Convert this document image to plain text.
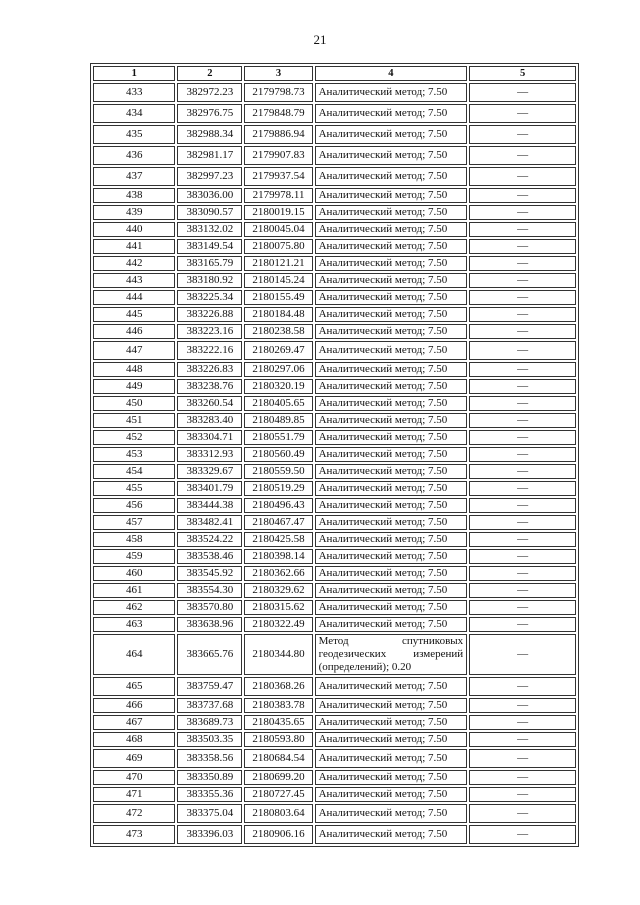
21
1	2	3	4	5
433	382972.23	2179798.73	Аналитический метод; 7.50	—
434	382976.75	2179848.79	Аналитический метод; 7.50	—
435	382988.34	2179886.94	Аналитический метод; 7.50	—
436	382981.17	2179907.83	Аналитический метод; 7.50	—
437	382997.23	2179937.54	Аналитический метод; 7.50	—
438	383036.00	2179978.11	Аналитический метод; 7.50	—
439	383090.57	2180019.15	Аналитический метод; 7.50	—
440	383132.02	2180045.04	Аналитический метод; 7.50	—
441	383149.54	2180075.80	Аналитический метод; 7.50	—
442	383165.79	2180121.21	Аналитический метод; 7.50	—
443	383180.92	2180145.24	Аналитический метод; 7.50	—
444	383225.34	2180155.49	Аналитический метод; 7.50	—
445	383226.88	2180184.48	Аналитический метод; 7.50	—
446	383223.16	2180238.58	Аналитический метод; 7.50	—
447	383222.16	2180269.47	Аналитический метод; 7.50	—
448	383226.83	2180297.06	Аналитический метод; 7.50	—
449	383238.76	2180320.19	Аналитический метод; 7.50	—
450	383260.54	2180405.65	Аналитический метод; 7.50	—
451	383283.40	2180489.85	Аналитический метод; 7.50	—
452	383304.71	2180551.79	Аналитический метод; 7.50	—
453	383312.93	2180560.49	Аналитический метод; 7.50	—
454	383329.67	2180559.50	Аналитический метод; 7.50	—
455	383401.79	2180519.29	Аналитический метод; 7.50	—
456	383444.38	2180496.43	Аналитический метод; 7.50	—
457	383482.41	2180467.47	Аналитический метод; 7.50	—
458	383524.22	2180425.58	Аналитический метод; 7.50	—
459	383538.46	2180398.14	Аналитический метод; 7.50	—
460	383545.92	2180362.66	Аналитический метод; 7.50	—
461	383554.30	2180329.62	Аналитический метод; 7.50	—
462	383570.80	2180315.62	Аналитический метод; 7.50	—
463	383638.96	2180322.49	Аналитический метод; 7.50	—
464	383665.76	2180344.80	Метод спутниковых геодезических измерений (определений); 0.20	—
465	383759.47	2180368.26	Аналитический метод; 7.50	—
466	383737.68	2180383.78	Аналитический метод; 7.50	—
467	383689.73	2180435.65	Аналитический метод; 7.50	—
468	383503.35	2180593.80	Аналитический метод; 7.50	—
469	383358.56	2180684.54	Аналитический метод; 7.50	—
470	383350.89	2180699.20	Аналитический метод; 7.50	—
471	383355.36	2180727.45	Аналитический метод; 7.50	—
472	383375.04	2180803.64	Аналитический метод; 7.50	—
473	383396.03	2180906.16	Аналитический метод; 7.50	—
